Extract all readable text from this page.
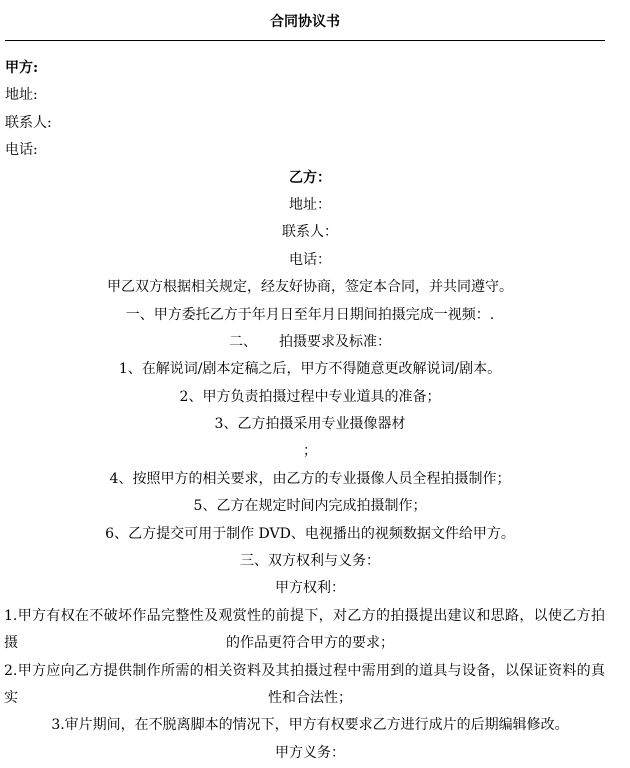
合同协议书
甲方:
地址:
联系人:
电话:
乙方：
地址：
联系人：
电话：
甲乙双方根据相关规定，经友好协商，签定本合同，并共同遵守。
一、甲方委托乙方于年月日至年月日期间拍摄完成一视频：.
二、 拍摄要求及标准：
1、在解说词/剧本定稿之后，甲方不得随意更改解说词/剧本。
2、甲方负责拍摄过程中专业道具的准备；
3、乙方拍摄采用专业摄像器材
；
4、按照甲方的相关要求，由乙方的专业摄像人员全程拍摄制作；
5、乙方在规定时间内完成拍摄制作；
6、乙方提交可用于制作 DVD、电视播出的视频数据文件给甲方。
三、双方权利与义务：
甲方权利：
1.甲方有权在不破坏作品完整性及观赏性的前提下，对乙方的拍摄提出建议和思路，以使乙方拍摄	的作品更符合甲方的要求；
2.甲方应向乙方提供制作所需的相关资料及其拍摄过程中需用到的道具与设备，以保证资料的真实	性和合法性；
3.审片期间，在不脱离脚本的情况下，甲方有权要求乙方进行成片的后期编辑修改。
甲方义务：
